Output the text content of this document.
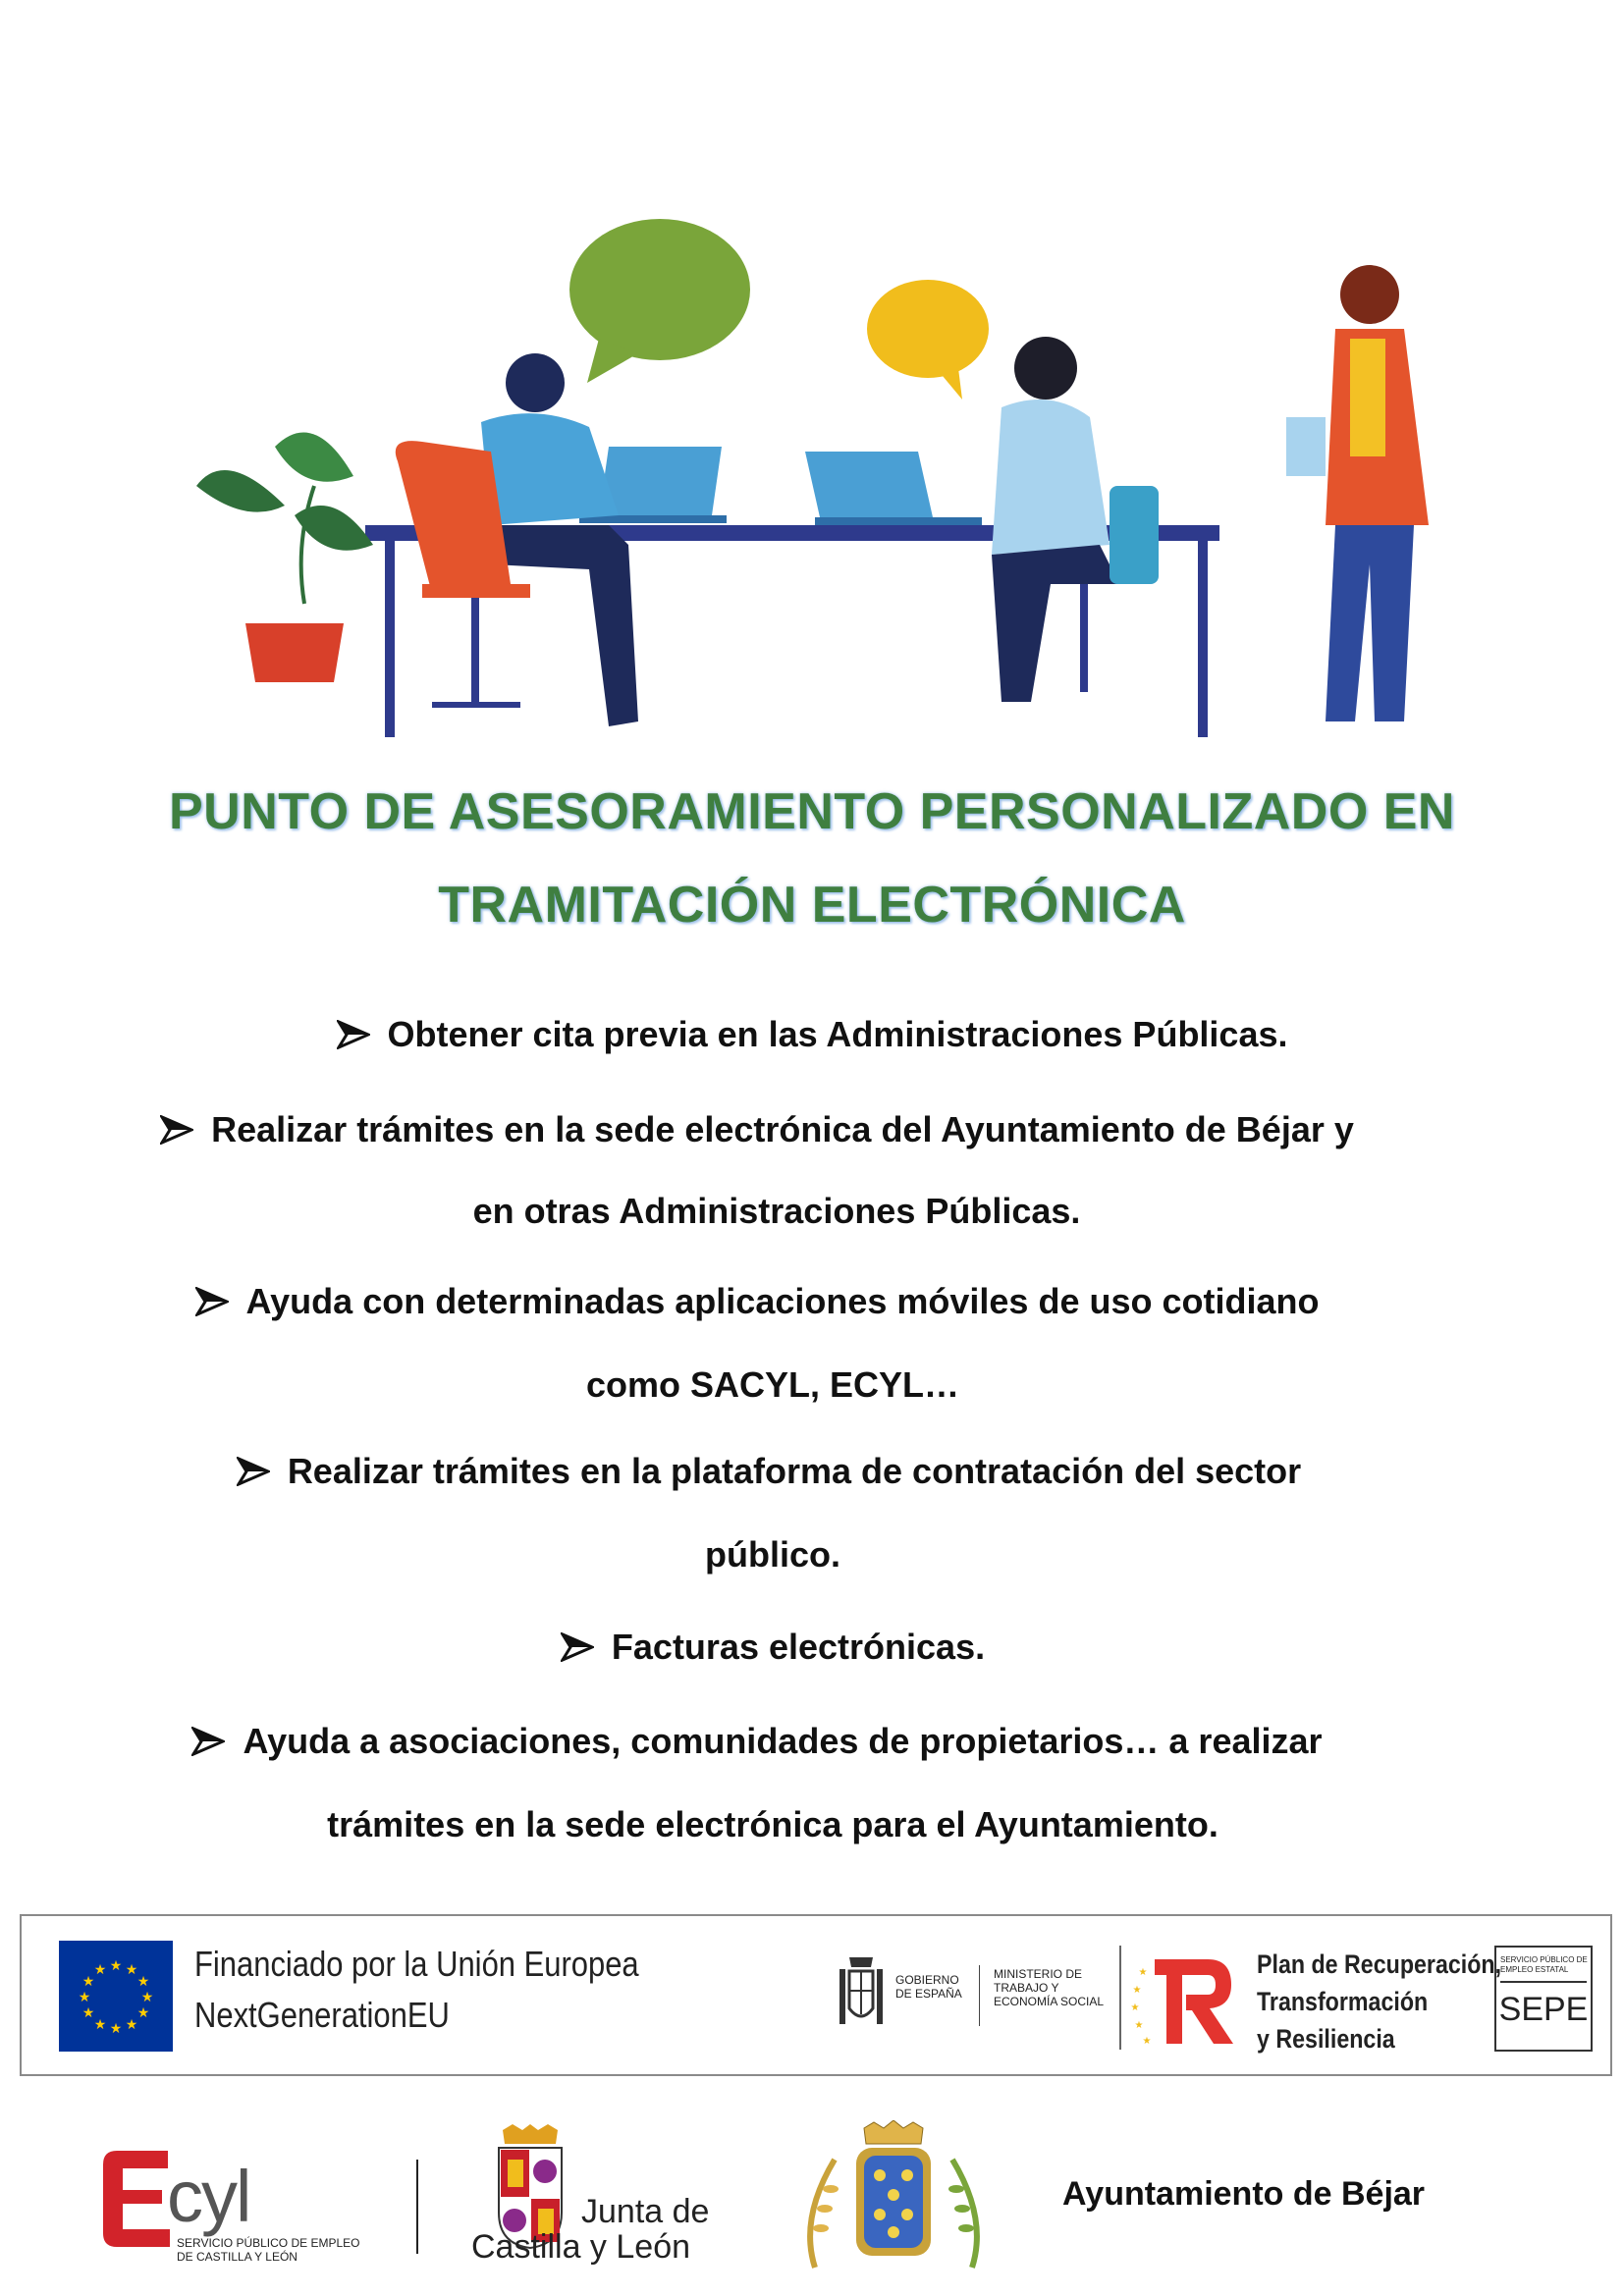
PUNTO DE ASESORAMIENTO PERSONALIZADO EN
TRAMITACIÓN ELECTRÓNICA
Obtener cita previa en las Administraciones Públicas.
Realizar trámites en la sede electrónica del Ayuntamiento de Béjar y
en otras Administraciones Públicas.
Ayuda con determinadas aplicaciones móviles de uso cotidiano
como SACYL, ECYL…
Realizar trámites en la plataforma de contratación del sector
público.
Facturas electrónicas.
Ayuda a asociaciones, comunidades de propietarios… a realizar
trámites en la sede electrónica para el Ayuntamiento.
★ ★
★
★
★
★
★
★
★
★
★
★ Financiado por la Unión Europea
NextGenerationEU
GOBIERNO DE ESPAÑA
MINISTERIO DE TRABAJO Y ECONOMÍA SOCIAL
★
★
★
★
★
Plan de Recuperación,
Transformación
y Resiliencia
SERVICIO PÚBLICO DE EMPLEO ESTATAL
SEPE
cyl
SERVICIO PÚBLICO DE EMPLEO
DE CASTILLA Y LEÓN
Junta de
Castilla y León
Ayuntamiento de Béjar
